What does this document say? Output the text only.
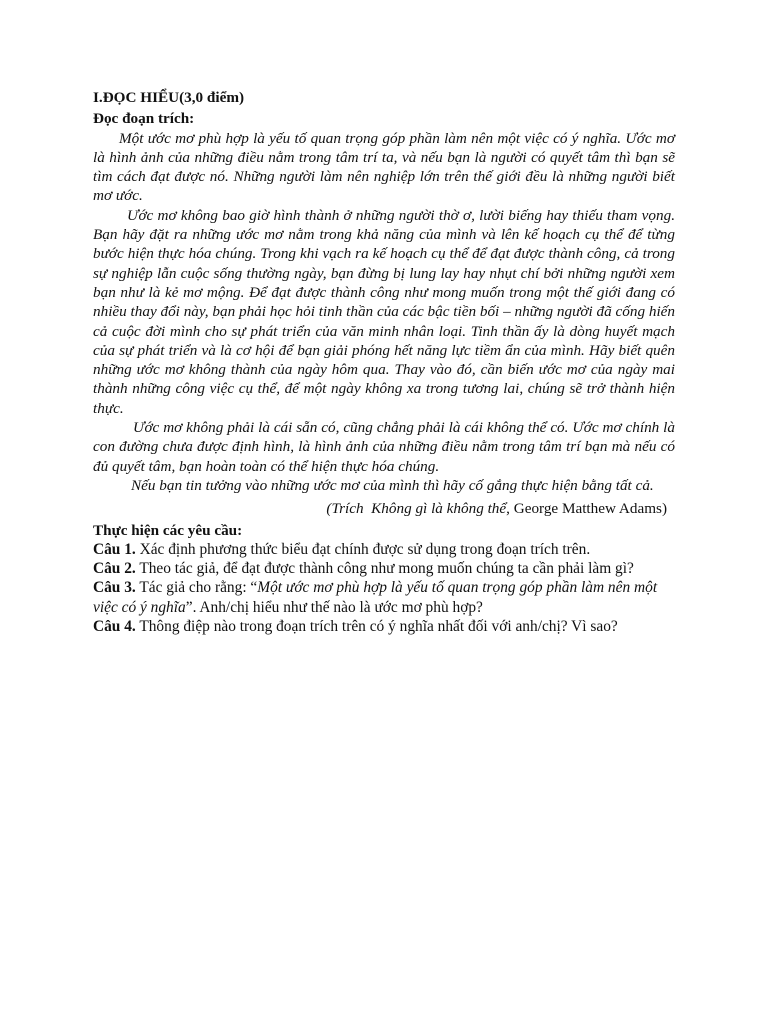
I.ĐỌC HIỂU(3,0 điểm)

Đọc đoạn trích:

Một ước mơ phù hợp là yếu tố quan trọng góp phần làm nên một việc có ý nghĩa. Ước mơ là hình ảnh của những điều nằm trong tâm trí ta, và nếu bạn là người có quyết tâm thì bạn sẽ tìm cách đạt được nó. Những người làm nên nghiệp lớn trên thế giới đều là những người biết mơ ước.

Ước mơ không bao giờ hình thành ở những người thờ ơ, lười biếng hay thiếu tham vọng. Bạn hãy đặt ra những ước mơ nằm trong khả năng của mình và lên kế hoạch cụ thể để từng bước hiện thực hóa chúng. Trong khi vạch ra kế hoạch cụ thể để đạt được thành công, cả trong sự nghiệp lẫn cuộc sống thường ngày, bạn đừng bị lung lay hay nhụt chí bởi những người xem bạn như là kẻ mơ mộng. Để đạt được thành công như mong muốn trong một thế giới đang có nhiều thay đổi này, bạn phải học hỏi tinh thần của các bậc tiền bối – những người đã cống hiến cả cuộc đời mình cho sự phát triển của văn minh nhân loại. Tinh thần ấy là dòng huyết mạch của sự phát triển và là cơ hội để bạn giải phóng hết năng lực tiềm ẩn của mình. Hãy biết quên những ước mơ không thành của ngày hôm qua. Thay vào đó, cần biến ước mơ của ngày mai thành những công việc cụ thể, để một ngày không xa trong tương lai, chúng sẽ trở thành hiện thực.

Ước mơ không phải là cái sẵn có, cũng chẳng phải là cái không thể có. Ước mơ chính là con đường chưa được định hình, là hình ảnh của những điều nằm trong tâm trí bạn mà nếu có đủ quyết tâm, bạn hoàn toàn có thể hiện thực hóa chúng.

Nếu bạn tin tưởng vào những ước mơ của mình thì hãy cố gắng thực hiện bằng tất cả.

(Trích Không gì là không thể, George Matthew Adams)

Thực hiện các yêu cầu:

Câu 1. Xác định phương thức biểu đạt chính được sử dụng trong đoạn trích trên.

Câu 2. Theo tác giả, để đạt được thành công như mong muốn chúng ta cần phải làm gì?

Câu 3. Tác giả cho rằng: “Một ước mơ phù hợp là yếu tố quan trọng góp phần làm nên một việc có ý nghĩa”. Anh/chị hiểu như thế nào là ước mơ phù hợp?

Câu 4. Thông điệp nào trong đoạn trích trên có ý nghĩa nhất đối với anh/chị? Vì sao?
